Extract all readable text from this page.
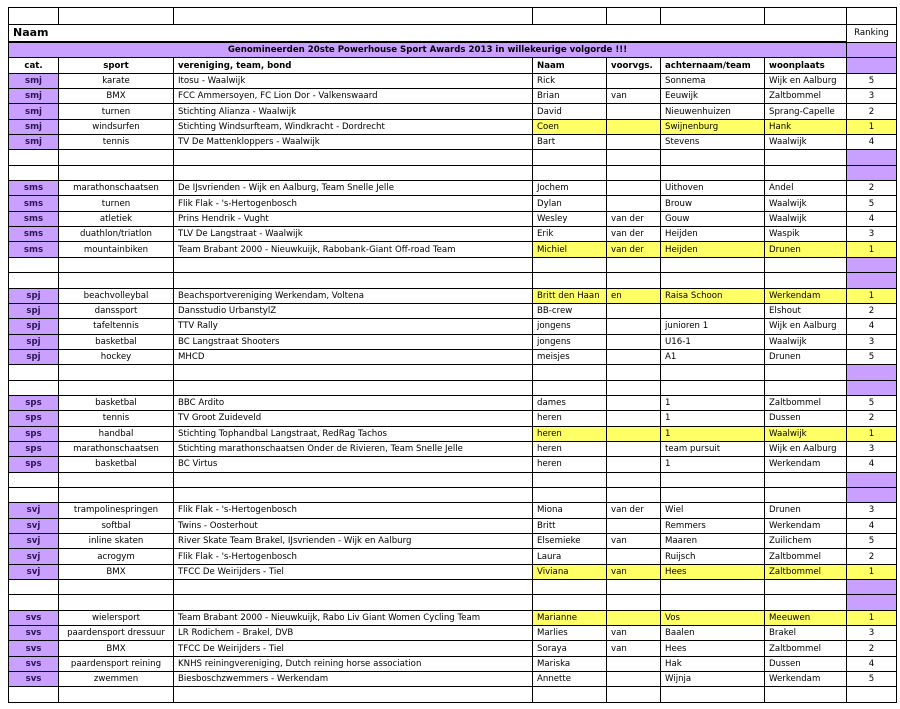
Naam							Ranking
Genomineerden 20ste Powerhouse Sport Awards 2013 in willekeurige volgorde !!!							
cat.	sport	vereniging, team, bond	Naam	voorvgs.	achternaam/team	woonplaats	
smj	karate	Itosu - Waalwijk	Rick		Sonnema	Wijk en Aalburg	5
smj	BMX	FCC Ammersoyen, FC Lion Dor - Valkenswaard	Brian	van	Eeuwijk	Zaltbommel	3
smj	turnen	Stichting Alianza - Waalwijk	David		Nieuwenhuizen	Sprang-Capelle	2
smj	windsurfen	Stichting Windsurfteam, Windkracht - Dordrecht	Coen		Swijnenburg	Hank	1
smj	tennis	TV De Mattenkloppers - Waalwijk	Bart		Stevens	Waalwijk	4

sms	marathonschaatsen	De IJsvrienden - Wijk en Aalburg, Team Snelle Jelle	Jochem		Uithoven	Andel	2
sms	turnen	Flik Flak - 's-Hertogenbosch	Dylan		Brouw	Waalwijk	5
sms	atletiek	Prins Hendrik - Vught	Wesley	van der	Gouw	Waalwijk	4
sms	duathlon/triatlon	TLV De Langstraat - Waalwijk	Erik	van der	Heijden	Waspik	3
sms	mountainbiken	Team Brabant 2000 - Nieuwkuijk, Rabobank-Giant Off-road Team	Michiel	van der	Heijden	Drunen	1

spj	beachvolleybal	Beachsportvereniging Werkendam, Voltena	Britt den Haan	en	Raisa Schoon	Werkendam	1
spj	danssport	Dansstudio UrbanstylZ	BB-crew			Elshout	2
spj	tafeltennis	TTV Rally	jongens		junioren 1	Wijk en Aalburg	4
spj	basketbal	BC Langstraat Shooters	jongens		U16-1	Waalwijk	3
spj	hockey	MHCD	meisjes		A1	Drunen	5

sps	basketbal	BBC Ardito	dames		1	Zaltbommel	5
sps	tennis	TV Groot Zuideveld	heren		1	Dussen	2
sps	handbal	Stichting Tophandbal Langstraat, RedRag Tachos	heren		1	Waalwijk	1
sps	marathonschaatsen	Stichting marathonschaatsen Onder de Rivieren, Team Snelle Jelle	heren		team pursuit	Wijk en Aalburg	3
sps	basketbal	BC Virtus	heren		1	Werkendam	4

svj	trampolinespringen	Flik Flak - 's-Hertogenbosch	Miona	van der	Wiel	Drunen	3
svj	softbal	Twins - Oosterhout	Britt		Remmers	Werkendam	4
svj	inline skaten	River Skate Team Brakel, IJsvrienden - Wijk en Aalburg	Elsemieke	van	Maaren	Zuilichem	5
svj	acrogym	Flik Flak - 's-Hertogenbosch	Laura		Ruijsch	Zaltbommel	2
svj	BMX	TFCC De Weirijders - Tiel	Viviana	van	Hees	Zaltbommel	1

svs	wielersport	Team Brabant 2000 - Nieuwkuijk, Rabo Liv Giant Women Cycling Team	Marianne		Vos	Meeuwen	1
svs	paardensport dressuur	LR Rodichem - Brakel, DVB	Marlies	van	Baalen	Brakel	3
svs	BMX	TFCC De Weirijders - Tiel	Soraya	van	Hees	Zaltbommel	2
svs	paardensport reining	KNHS reiningvereniging, Dutch reining horse association	Mariska		Hak	Dussen	4
svs	zwemmen	Biesboschzwemmers - Werkendam	Annette		Wijnja	Werkendam	5
